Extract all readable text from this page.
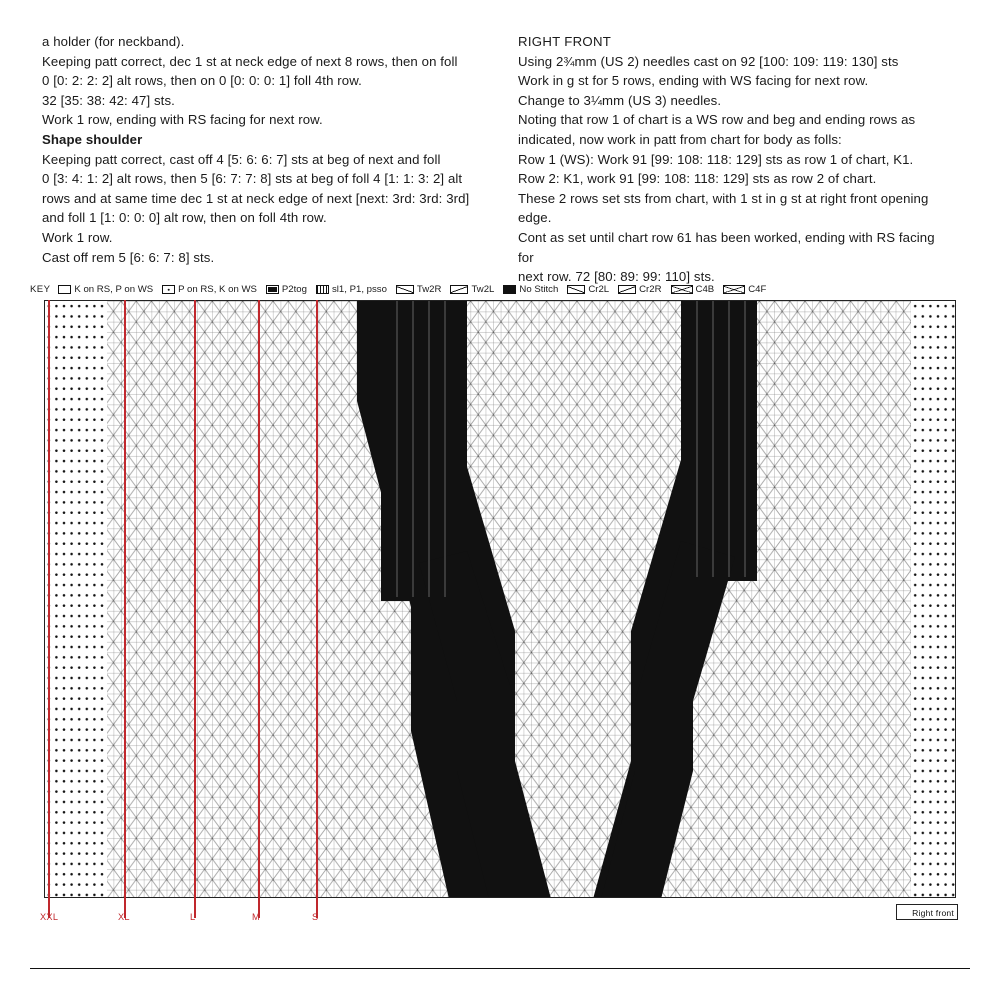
a holder (for neckband).

Keeping patt correct, dec 1 st at neck edge of next 8 rows, then on foll

0 [0: 2: 2: 2] alt rows, then on 0 [0: 0: 0: 1] foll 4th row.

32 [35: 38: 42: 47] sts.

Work 1 row, ending with RS facing for next row.

Shape shoulder

Keeping patt correct, cast off 4 [5: 6: 6: 7] sts at beg of next and foll

0 [3: 4: 1: 2] alt rows, then 5 [6: 7: 7: 8] sts at beg of foll 4 [1: 1: 3: 2] alt

rows and at same time dec 1 st at neck edge of next [next: 3rd: 3rd: 3rd]

and foll 1 [1: 0: 0: 0] alt row, then on foll 4th row.

Work 1 row.

Cast off rem 5 [6: 6: 7: 8] sts.

RIGHT FRONT

Using 2¾mm (US 2) needles cast on 92 [100: 109: 119: 130] sts

Work in g st for 5 rows, ending with WS facing for next row.

Change to 3¼mm (US 3) needles.

Noting that row 1 of chart is a WS row and beg and ending rows as

indicated, now work in patt from chart for body as folls:

Row 1 (WS): Work 91 [99: 108: 118: 129] sts as row 1 of chart, K1.

Row 2: K1, work 91 [99: 108: 118: 129] sts as row 2 of chart.

These 2 rows set sts from chart, with 1 st in g st at right front opening

edge.

Cont as set until chart row 61 has been worked, ending with RS facing for

next row. 72 [80: 89: 99: 110] sts.

KEY	K on RS, P on WS	P on RS, K on WS	P2tog	sl1, P1, psso	Tw2R	Tw2L	No Stitch	Cr2L	Cr2R	C4B	C4F
XXL	XL	L	M	S	Right front
